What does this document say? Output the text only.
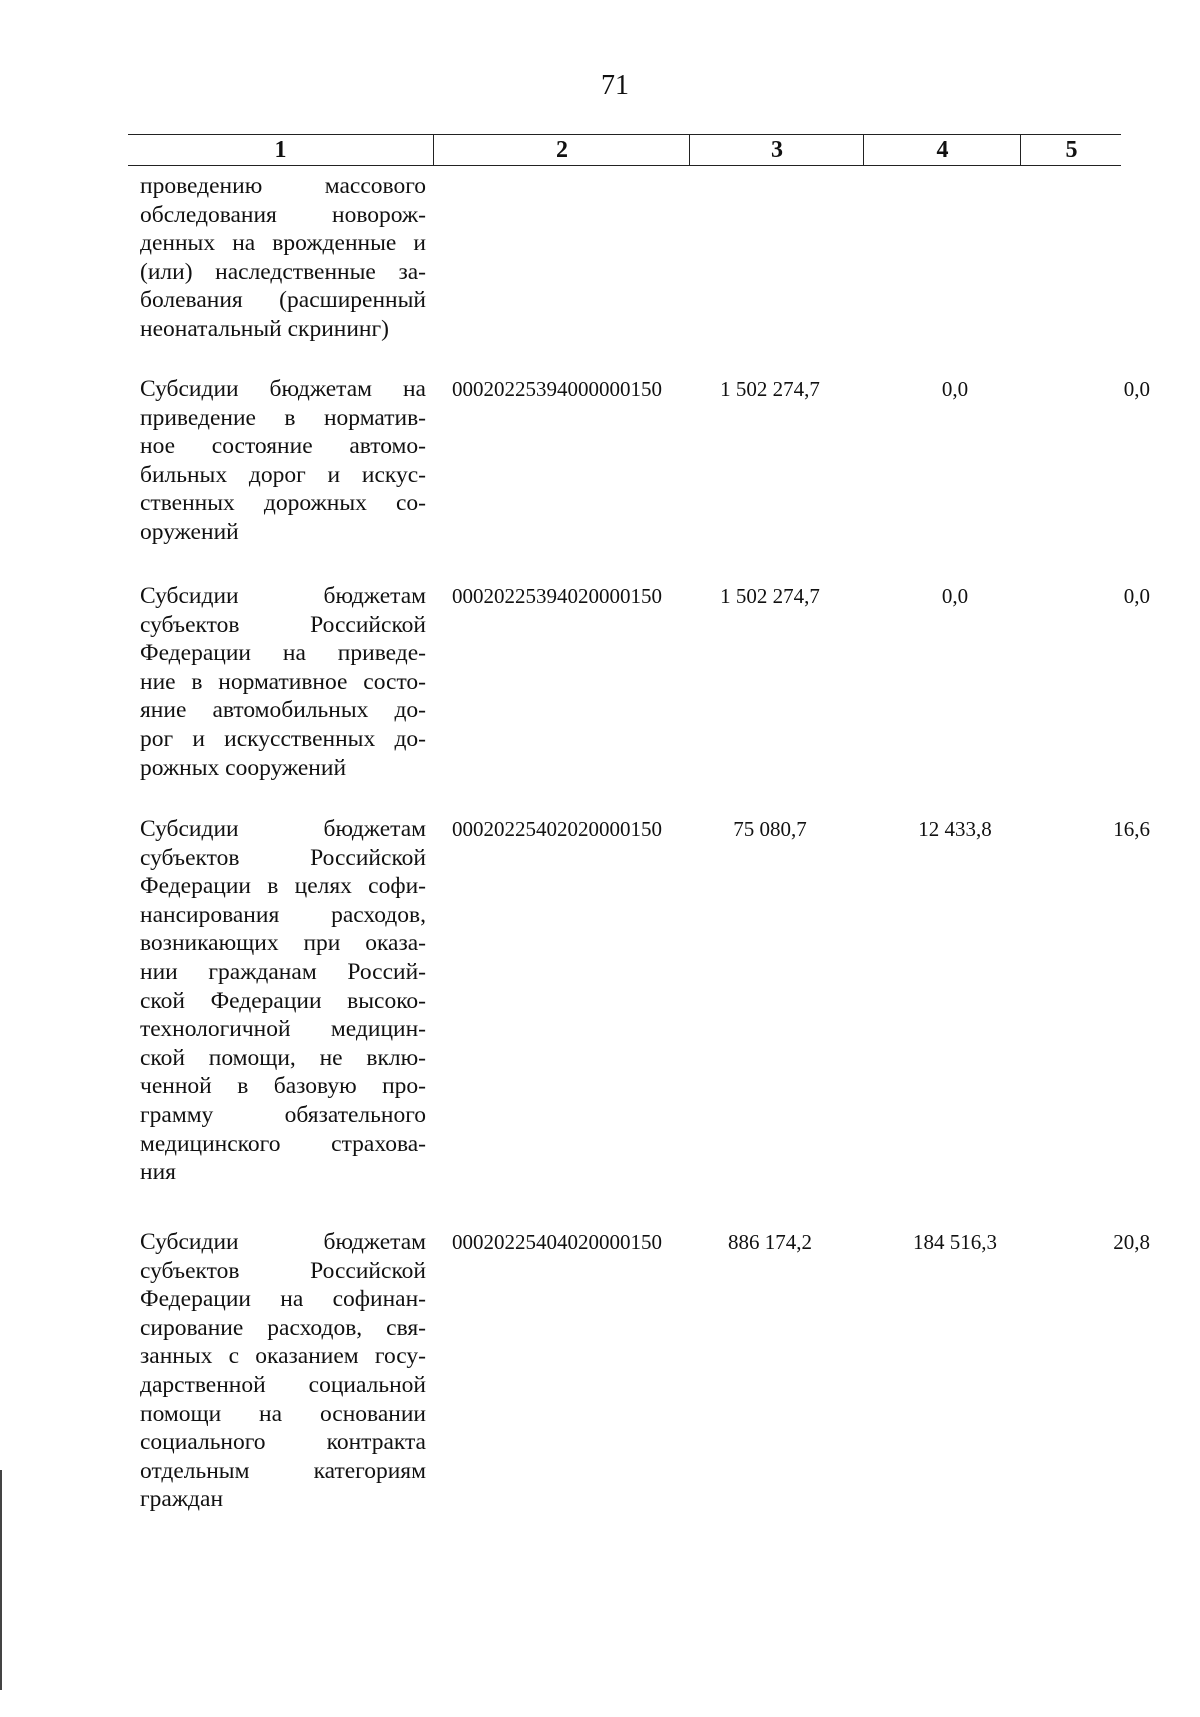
71
1	2	3	4	5
проведению массового
обследования новорож-
денных на врожденные и
(или) наследственные за-
болевания (расширенный
неонатальный скрининг)
Субсидии бюджетам на
приведение в норматив-
ное состояние автомо-
бильных дорог и искус-
ственных дорожных со-
оружений
00020225394000000150	1 502 274,7	0,0	0,0
Субсидии бюджетам
субъектов Российской
Федерации на приведе-
ние в нормативное состо-
яние автомобильных до-
рог и искусственных до-
рожных сооружений
00020225394020000150	1 502 274,7	0,0	0,0
Субсидии бюджетам
субъектов Российской
Федерации в целях софи-
нансирования расходов,
возникающих при оказа-
нии гражданам Россий-
ской Федерации высоко-
технологичной медицин-
ской помощи, не вклю-
ченной в базовую про-
грамму обязательного
медицинского страхова-
ния
00020225402020000150	75 080,7	12 433,8	16,6
Субсидии бюджетам
субъектов Российской
Федерации на софинан-
сирование расходов, свя-
занных с оказанием госу-
дарственной социальной
помощи на основании
социального контракта
отдельным категориям
граждан
00020225404020000150	886 174,2	184 516,3	20,8
